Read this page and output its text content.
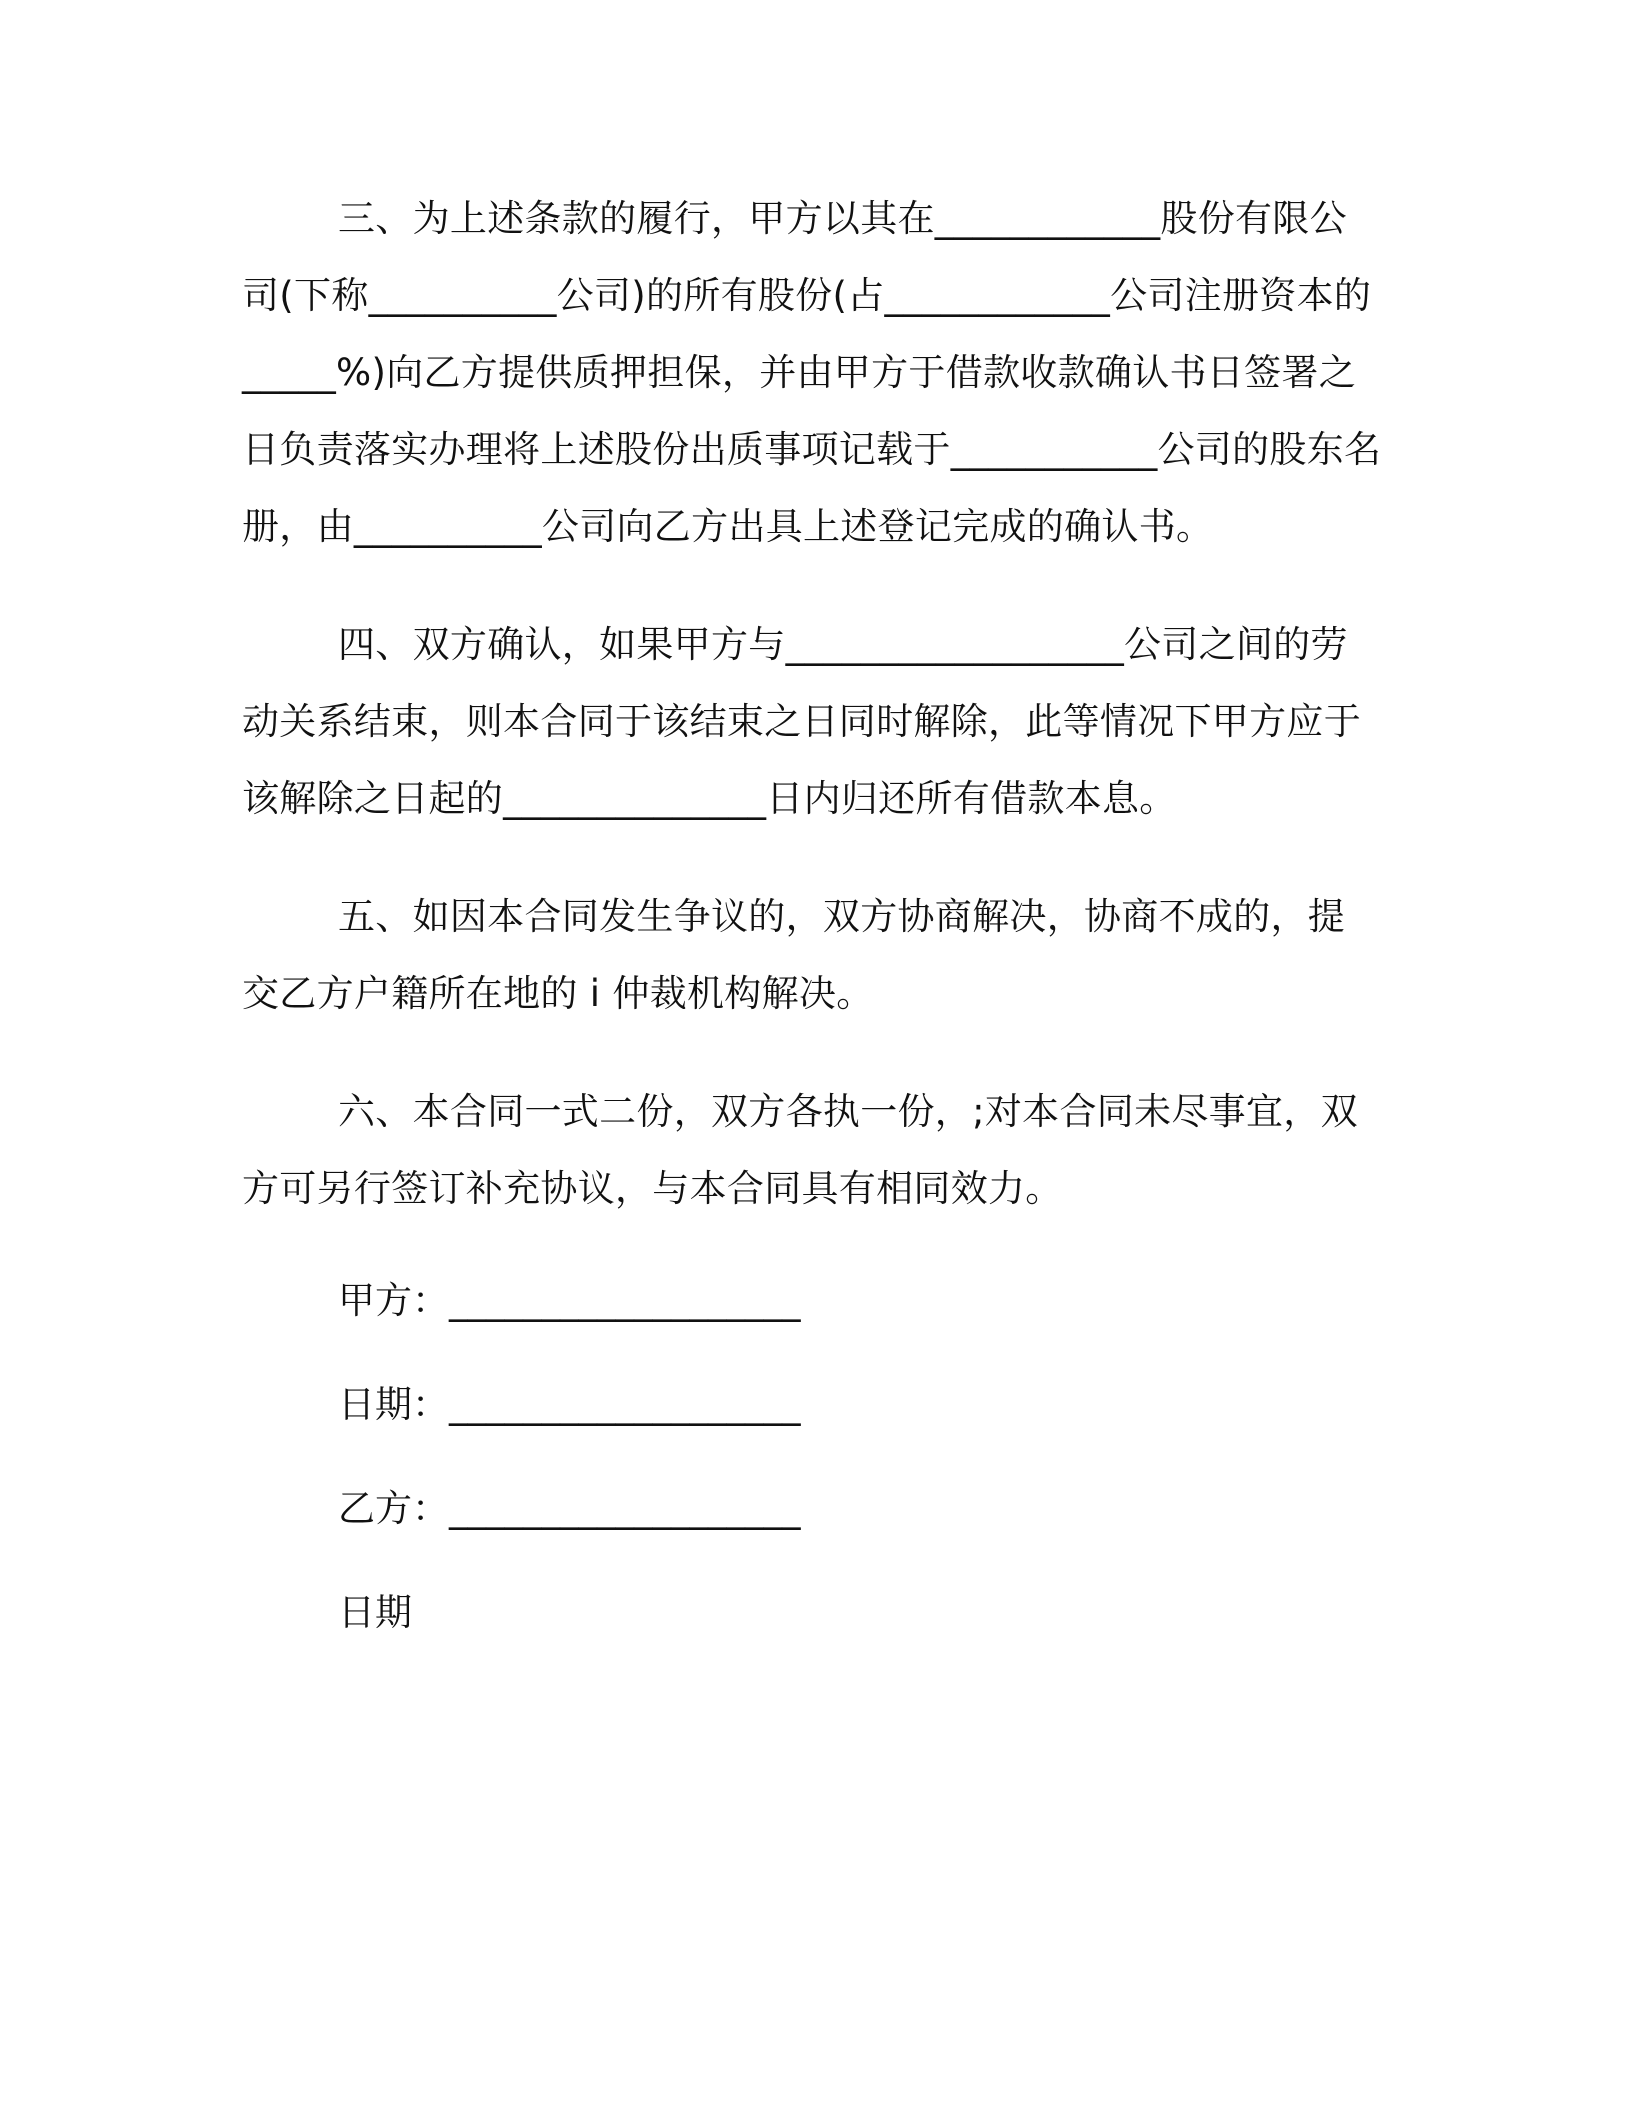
三、为上述条款的履行，甲方以其在____________股份有限公司(下称__________公司)的所有股份(占____________公司注册资本的 _____%)向乙方提供质押担保，并由甲方于借款收款确认书日签署之日负责落实办理将上述股份出质事项记载于___________公司的股东名册，由__________公司向乙方出具上述登记完成的确认书。

四、双方确认，如果甲方与__________________公司之间的劳动关系结束，则本合同于该结束之日同时解除，此等情况下甲方应于该解除之日起的______________日内归还所有借款本息。

五、如因本合同发生争议的，双方协商解决，协商不成的，提交乙方户籍所在地的 i 仲裁机构解决。

六、本合同一式二份，双方各执一份，;对本合同未尽事宜，双方可另行签订补充协议，与本合同具有相同效力。

甲方：___________________
日期：___________________
乙方：___________________
日期
